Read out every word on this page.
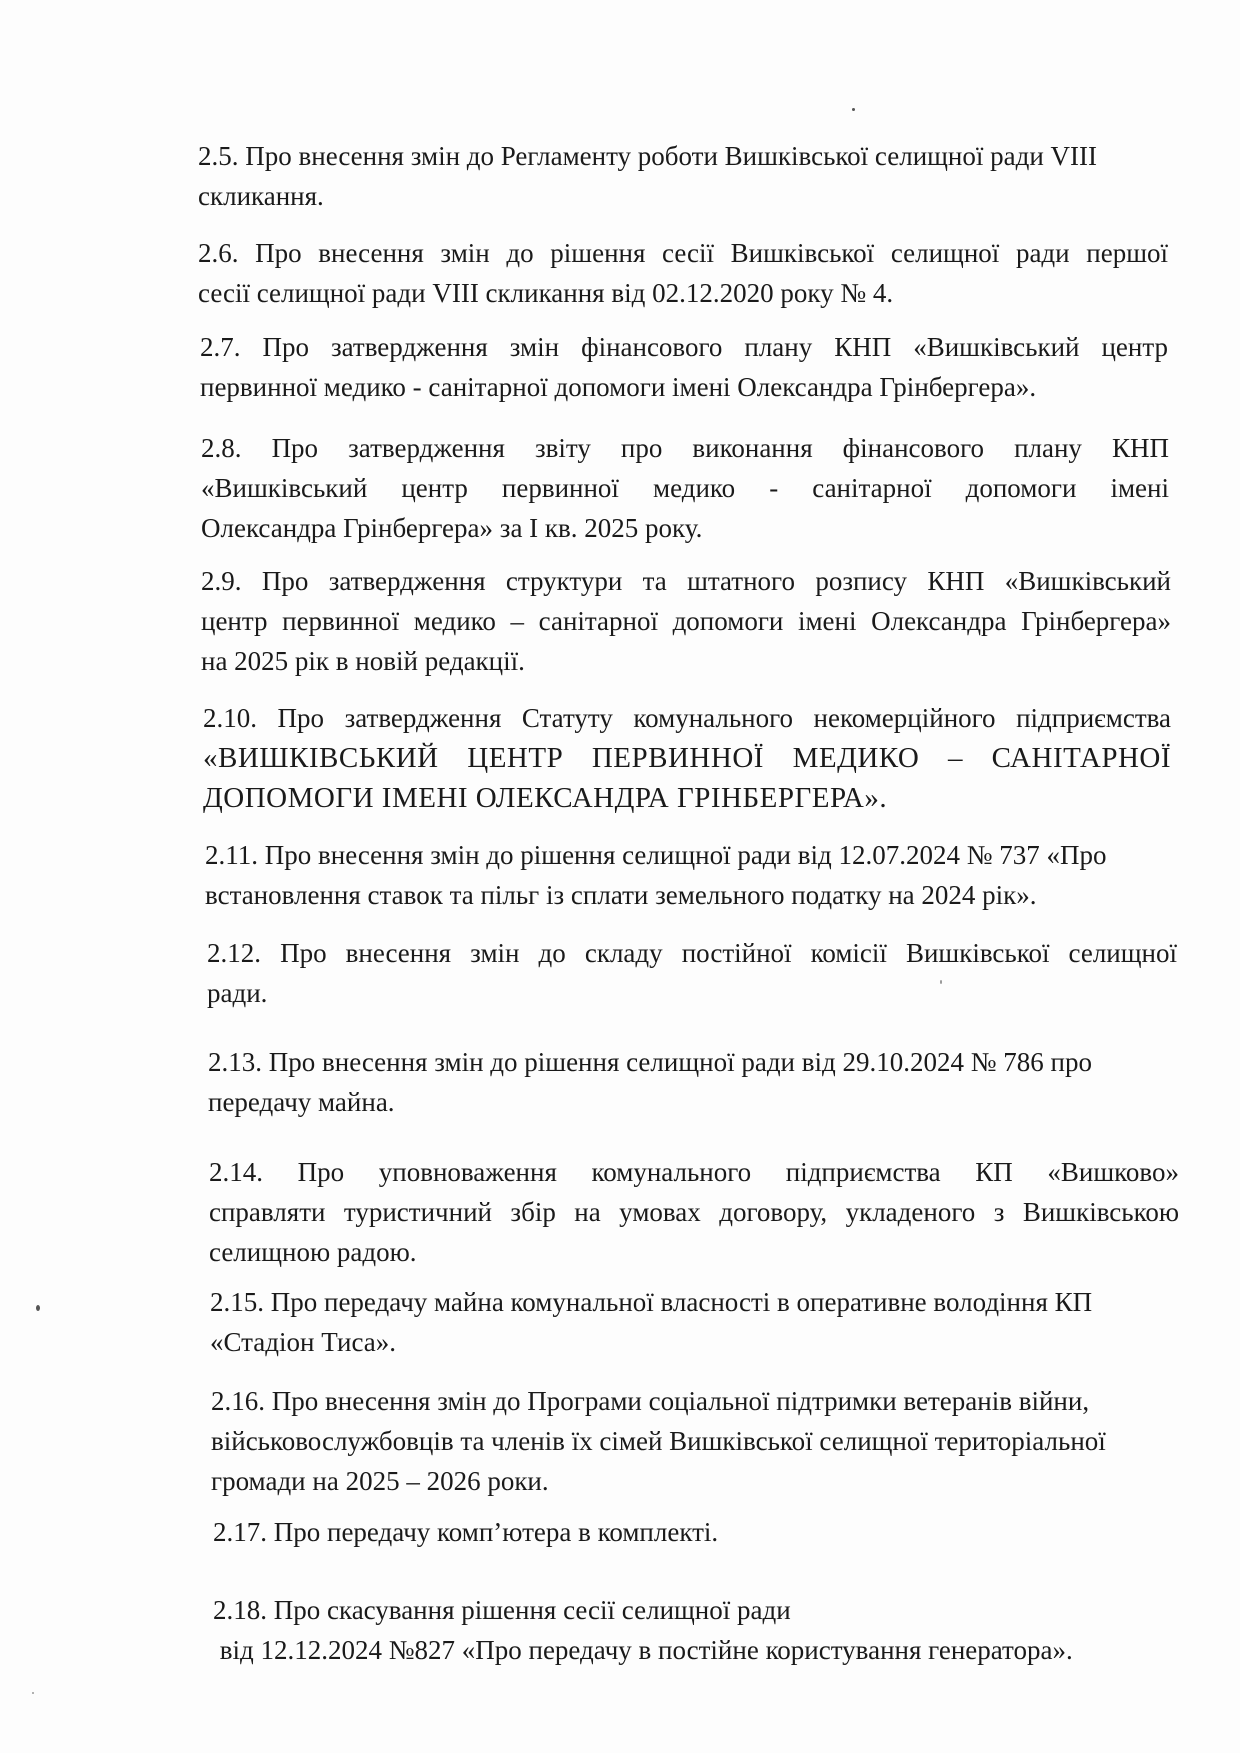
2.5. Про внесення змін до Регламенту роботи Вишківської селищної ради VIII
скликання.
2.6. Про внесення змін до рішення сесії Вишківської селищної ради першої
сесії селищної ради VIII скликання від 02.12.2020 року № 4.
2.7. Про затвердження змін фінансового плану КНП «Вишківський центр
первинної медико - санітарної допомоги імені Олександра Грінбергера».
2.8. Про затвердження звіту про виконання фінансового плану КНП
«Вишківський центр первинної медико - санітарної допомоги імені
Олександра Грінбергера» за І кв. 2025 року.
2.9. Про затвердження структури та штатного розпису КНП «Вишківський
центр первинної медико – санітарної допомоги імені Олександра Грінбергера»
на 2025 рік в новій редакції.
2.10. Про затвердження Статуту комунального некомерційного підприємства
«ВИШКІВСЬКИЙ ЦЕНТР ПЕРВИННОЇ МЕДИКО – САНІТАРНОЇ
ДОПОМОГИ ІМЕНІ ОЛЕКСАНДРА ГРІНБЕРГЕРА».
2.11. Про внесення змін до рішення селищної ради від 12.07.2024 № 737 «Про
встановлення ставок та пільг із сплати земельного податку на 2024 рік».
2.12. Про внесення змін до складу постійної комісії Вишківської селищної
ради.
2.13. Про внесення змін до рішення селищної ради від 29.10.2024 № 786 про
передачу майна.
2.14. Про уповноваження комунального підприємства КП «Вишково»
справляти туристичний збір на умовах договору, укладеного з Вишківською
селищною радою.
2.15. Про передачу майна комунальної власності в оперативне володіння КП
«Стадіон Тиса».
2.16. Про внесення змін до Програми соціальної підтримки ветеранів війни,
військовослужбовців та членів їх сімей Вишківської селищної територіальної
громади на 2025 – 2026 роки.
2.17. Про передачу комп’ютера в комплекті.
2.18. Про скасування рішення сесії селищної ради
від 12.12.2024 №827 «Про передачу в постійне користування генератора».
